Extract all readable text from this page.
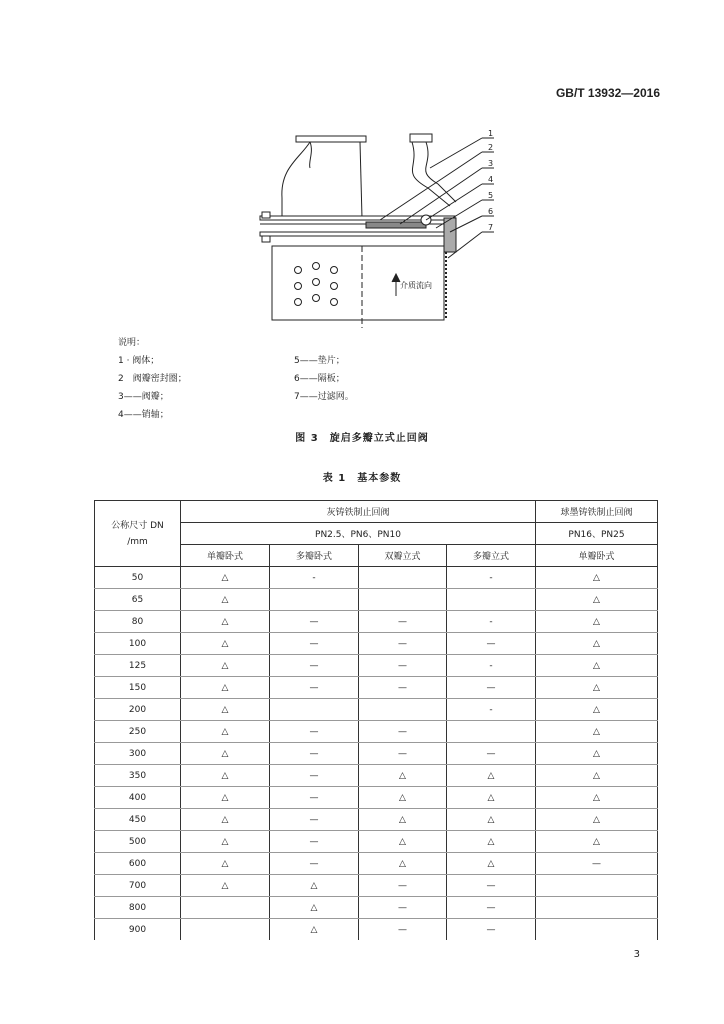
GB/T 13932—2016
1
2
3
4
5
6
7
介质流向
说明：
1 · 阀体；
2　阀瓣密封圈；
3——阀瓣；
4——销轴；
5——垫片；
6——隔板；
7——过滤网。
图 3　旋启多瓣立式止回阀
表 1　基本参数
公称尺寸 DN
/mm	灰铸铁制止回阀				球墨铸铁制止回阀
	PN2.5、PN6、PN10				PN16、PN25
	单瓣卧式	多瓣卧式	双瓣立式	多瓣立式	单瓣卧式
50	△	-		-	△
65	△				△
80	△	—	—	-	△
100	△	—	—	—	△
125	△	—	—	-	△
150	△	—	—	—	△
200	△			-	△
250	△	—	—		△
300	△	—	—	—	△
350	△	—	△	△	△
400	△	—	△	△	△
450	△	—	△	△	△
500	△	—	△	△	△
600	△	—	△	△	—
700	△	△	—	—	
800		△	—	—	
900		△	—	—	
3
